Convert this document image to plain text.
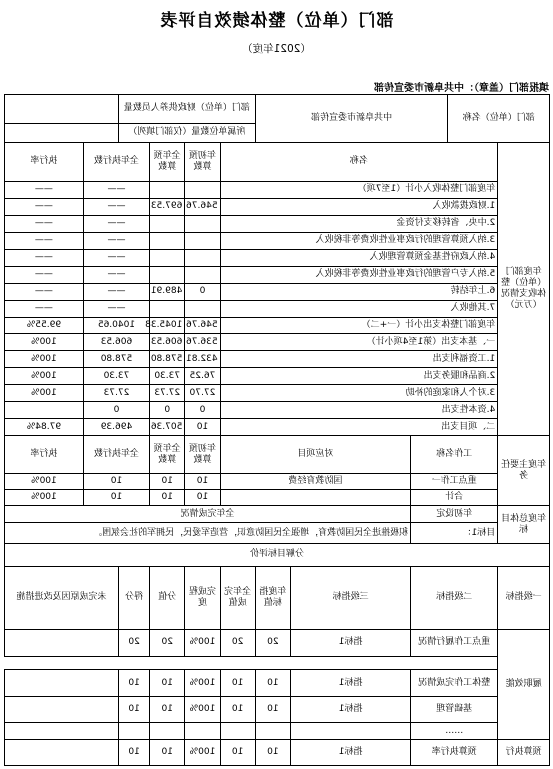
部门（单位）整体绩效自评表
（2021年度）
填报部门（盖章）：中共阜新市委宣传部
部门（单位）名称		中共阜新市委宣传部			部门（单位）财政供养人员数量					
					所属单位数量（仅部门填列）					
年度部门（单位）整体收支情况（万元）	名称					年初预算数	全年预算数	全年执行数		执行率
	年度部门整体收入小计（1至7项）							——		——
	1.财政拨款收入					546.76	697.53	——		——
	2.中央、省转移支付资金							——		——
	3.纳入预算管理的行政事业性收费等非税收入							——		——
	4.纳入政府性基金预算管理收入							——		——
	5.纳入专户管理的行政事业性收费等非税收入							——		——
	6.上年结转					0	489.91	——		——
	7.其他收入							——		——
	年度部门整体支出小计（一+二）					546.76	1045.38	1040.65		99.55%
	一、基本支出（第1至4项小计）					536.76	606.53	606.53		100%
	1.工资福利支出					432.81	578.80	578.80		100%
	2.商品和服务支出					76.25	73.30	73.30		100%
	3.对个人和家庭的补助					27.70	27.73	27.73		100%
	4.资本性支出					0	0	0		
	二、项目支出					10	507.36	496.39		97.84%
年度主要任务	工作名称		对应项目			年初预算数	全年预算数	全年执行数		执行率
	重点工作一		国防教育经费			10	10	10		100%
	合计					10	10	10		100%
年度总体目标	年初设定		全年完成情况							
	目标1：		积极推进全民国防教育，增强全民国防意识，营造军爱民，民拥军的社会氛围。							
分解目标评价										
一级指标	二级指标		三级指标	年度指标值	全年完成值	完成程度	分值	得分	未完成原因及改进措施	
履职效能	重点工作履行情况		指标1	20	20	100%	20	20		

	整体工作完成情况		指标1	10	10	100%	10	10		
	基础管理		指标1	10	10	100%	10	10		
	……									
预算执行	预算执行率		指标1	10	10	100%	10	10		
